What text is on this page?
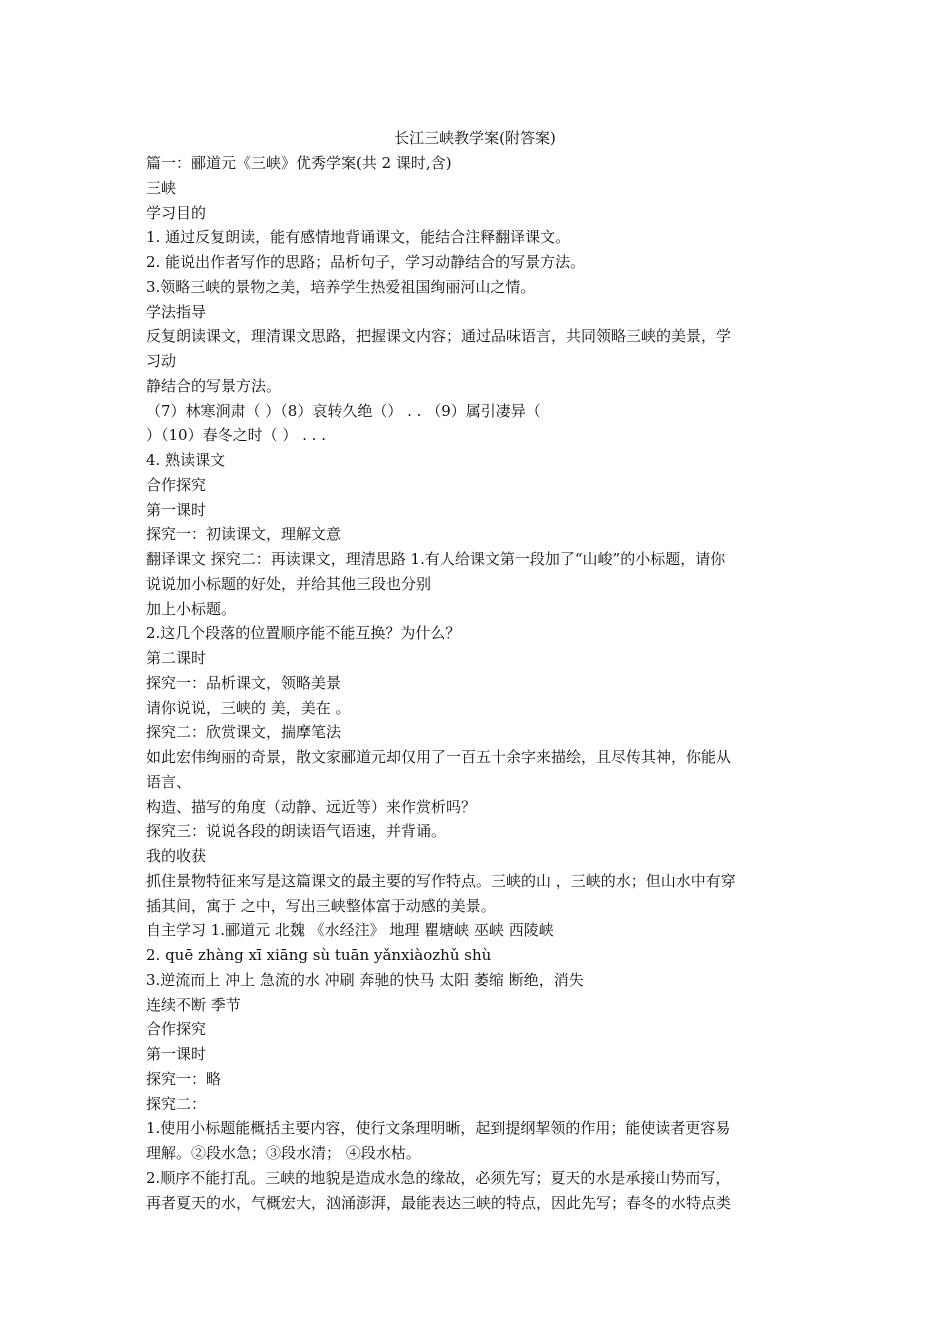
长江三峡教学案(附答案)
篇一：郦道元《三峡》优秀学案(共 2 课时,含)
三峡
学习目的
1. 通过反复朗读，能有感情地背诵课文，能结合注释翻译课文。
2. 能说出作者写作的思路；品析句子，学习动静结合的写景方法。
3.领略三峡的景物之美，培养学生热爱祖国绚丽河山之情。
学法指导
反复朗读课文，理清课文思路，把握课文内容；通过品味语言，共同领略三峡的美景，学
习动
静结合的写景方法。
（7）林寒涧肃（ ）（8）哀转久绝（） . . （9）属引凄异（
）（10）春冬之时（ ） . . .
4. 熟读课文
合作探究
第一课时
探究一：初读课文，理解文意
翻译课文 探究二：再读课文，理清思路 1.有人给课文第一段加了“山峻”的小标题，请你
说说加小标题的好处，并给其他三段也分别
加上小标题。
2.这几个段落的位置顺序能不能互换？为什么？
第二课时
探究一：品析课文，领略美景
请你说说，三峡的 美，美在 。
探究二：欣赏课文，揣摩笔法
如此宏伟绚丽的奇景，散文家郦道元却仅用了一百五十余字来描绘，且尽传其神，你能从
语言、
构造、描写的角度（动静、远近等）来作赏析吗？
探究三：说说各段的朗读语气语速，并背诵。
我的收获
抓住景物特征来写是这篇课文的最主要的写作特点。三峡的山 ，三峡的水；但山水中有穿
插其间，寓于 之中，写出三峡整体富于动感的美景。
自主学习 1.郦道元 北魏 《水经注》 地理 瞿塘峡 巫峡 西陵峡
2. quē zhàng xī xiāng sù tuān yǎnxiàozhǔ shù
3.逆流而上 冲上 急流的水 冲刷 奔驰的快马 太阳 萎缩 断绝，消失
连续不断 季节
合作探究
第一课时
探究一：略
探究二：
1.使用小标题能概括主要内容，使行文条理明晰，起到提纲挈领的作用；能使读者更容易
理解。②段水急；③段水清； ④段水枯。
2.顺序不能打乱。三峡的地貌是造成水急的缘故，必须先写；夏天的水是承接山势而写，
再者夏天的水，气概宏大，汹涌澎湃，最能表达三峡的特点，因此先写；春冬的水特点类
